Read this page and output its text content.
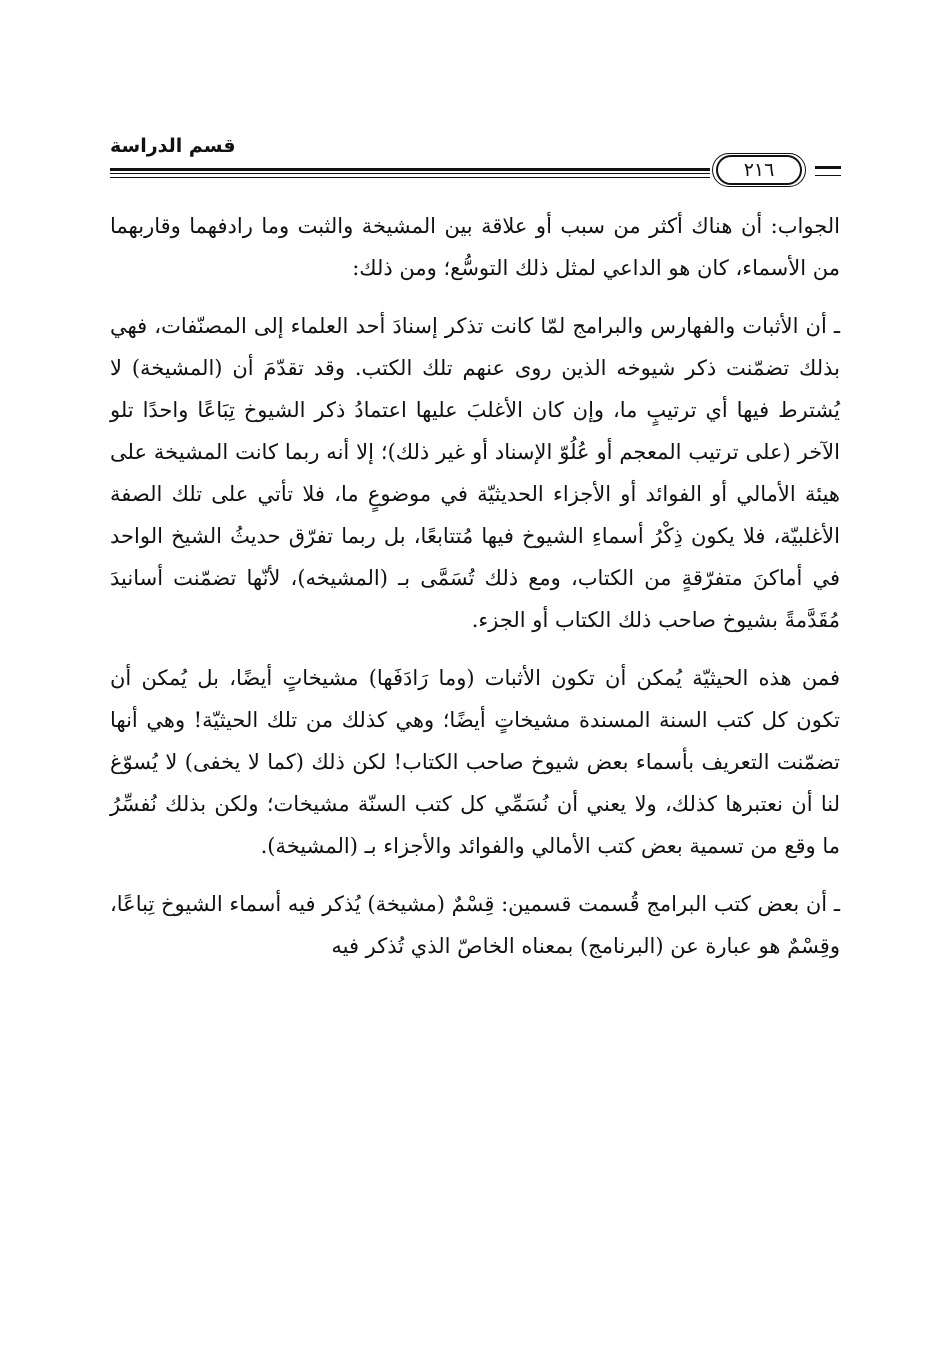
قسم الدراسة
٢١٦

الجواب: أن هناك أكثر من سبب أو علاقة بين المشيخة والثبت وما رادفهما وقاربهما من الأسماء، كان هو الداعي لمثل ذلك التوسُّع؛ ومن ذلك:

ـ أن الأثبات والفهارس والبرامج لمّا كانت تذكر إسنادَ أحد العلماء إلى المصنّفات، فهي بذلك تضمّنت ذكر شيوخه الذين روى عنهم تلك الكتب. وقد تقدّمَ أن (المشيخة) لا يُشترط فيها أي ترتيبٍ ما، وإن كان الأغلبَ عليها اعتمادُ ذكر الشيوخ تِبَاعًا واحدًا تلو الآخر (على ترتيب المعجم أو عُلُوّ الإسناد أو غير ذلك)؛ إلا أنه ربما كانت المشيخة على هيئة الأمالي أو الفوائد أو الأجزاء الحديثيّة في موضوعٍ ما، فلا تأتي على تلك الصفة الأغلبيّة، فلا يكون ذِكْرُ أسماءِ الشيوخ فيها مُتتابعًا، بل ربما تفرّق حديثُ الشيخ الواحد في أماكنَ متفرّقةٍ من الكتاب، ومع ذلك تُسَمَّى بـ (المشيخه)، لأنّها تضمّنت أسانيدَ مُقَدَّمةً بشيوخ صاحب ذلك الكتاب أو الجزء.

فمن هذه الحيثيّة يُمكن أن تكون الأثبات (وما رَادَفَها) مشيخاتٍ أيضًا، بل يُمكن أن تكون كل كتب السنة المسندة مشيخاتٍ أيضًا؛ وهي كذلك من تلك الحيثيّة! وهي أنها تضمّنت التعريف بأسماء بعض شيوخ صاحب الكتاب! لكن ذلك (كما لا يخفى) لا يُسوّغ لنا أن نعتبرها كذلك، ولا يعني أن نُسَمِّي كل كتب السنّة مشيخات؛ ولكن بذلك نُفسِّرُ ما وقع من تسمية بعض كتب الأمالي والفوائد والأجزاء بـ (المشيخة).

ـ أن بعض كتب البرامج قُسمت قسمين: قِسْمٌ (مشيخة) يُذكر فيه أسماء الشيوخ تِباعًا، وقِسْمٌ هو عبارة عن (البرنامج) بمعناه الخاصّ الذي تُذكر فيه
